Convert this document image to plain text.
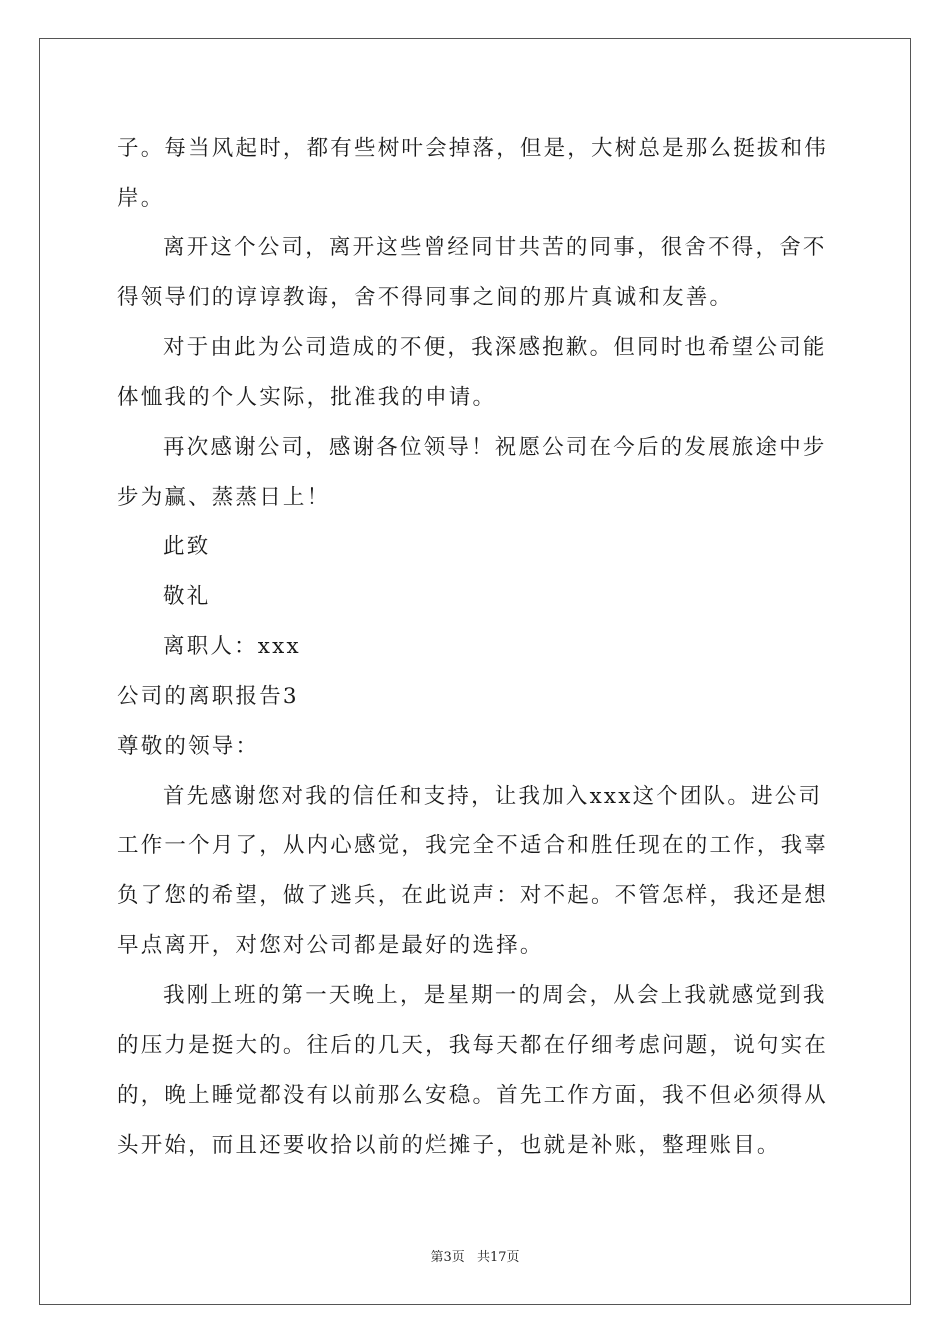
子。每当风起时，都有些树叶会掉落，但是，大树总是那么挺拔和伟
岸。
离开这个公司，离开这些曾经同甘共苦的同事，很舍不得，舍不
得领导们的谆谆教诲，舍不得同事之间的那片真诚和友善。
对于由此为公司造成的不便，我深感抱歉。但同时也希望公司能
体恤我的个人实际，批准我的申请。
再次感谢公司，感谢各位领导！祝愿公司在今后的发展旅途中步
步为赢、蒸蒸日上！
此致
敬礼
离职人：xxx
公司的离职报告3
尊敬的领导：
首先感谢您对我的信任和支持，让我加入xxx这个团队。进公司
工作一个月了，从内心感觉，我完全不适合和胜任现在的工作，我辜
负了您的希望，做了逃兵，在此说声：对不起。不管怎样，我还是想
早点离开，对您对公司都是最好的选择。
我刚上班的第一天晚上，是星期一的周会，从会上我就感觉到我
的压力是挺大的。往后的几天，我每天都在仔细考虑问题，说句实在
的，晚上睡觉都没有以前那么安稳。首先工作方面，我不但必须得从
头开始，而且还要收拾以前的烂摊子，也就是补账，整理账目。
第3页 共17页
